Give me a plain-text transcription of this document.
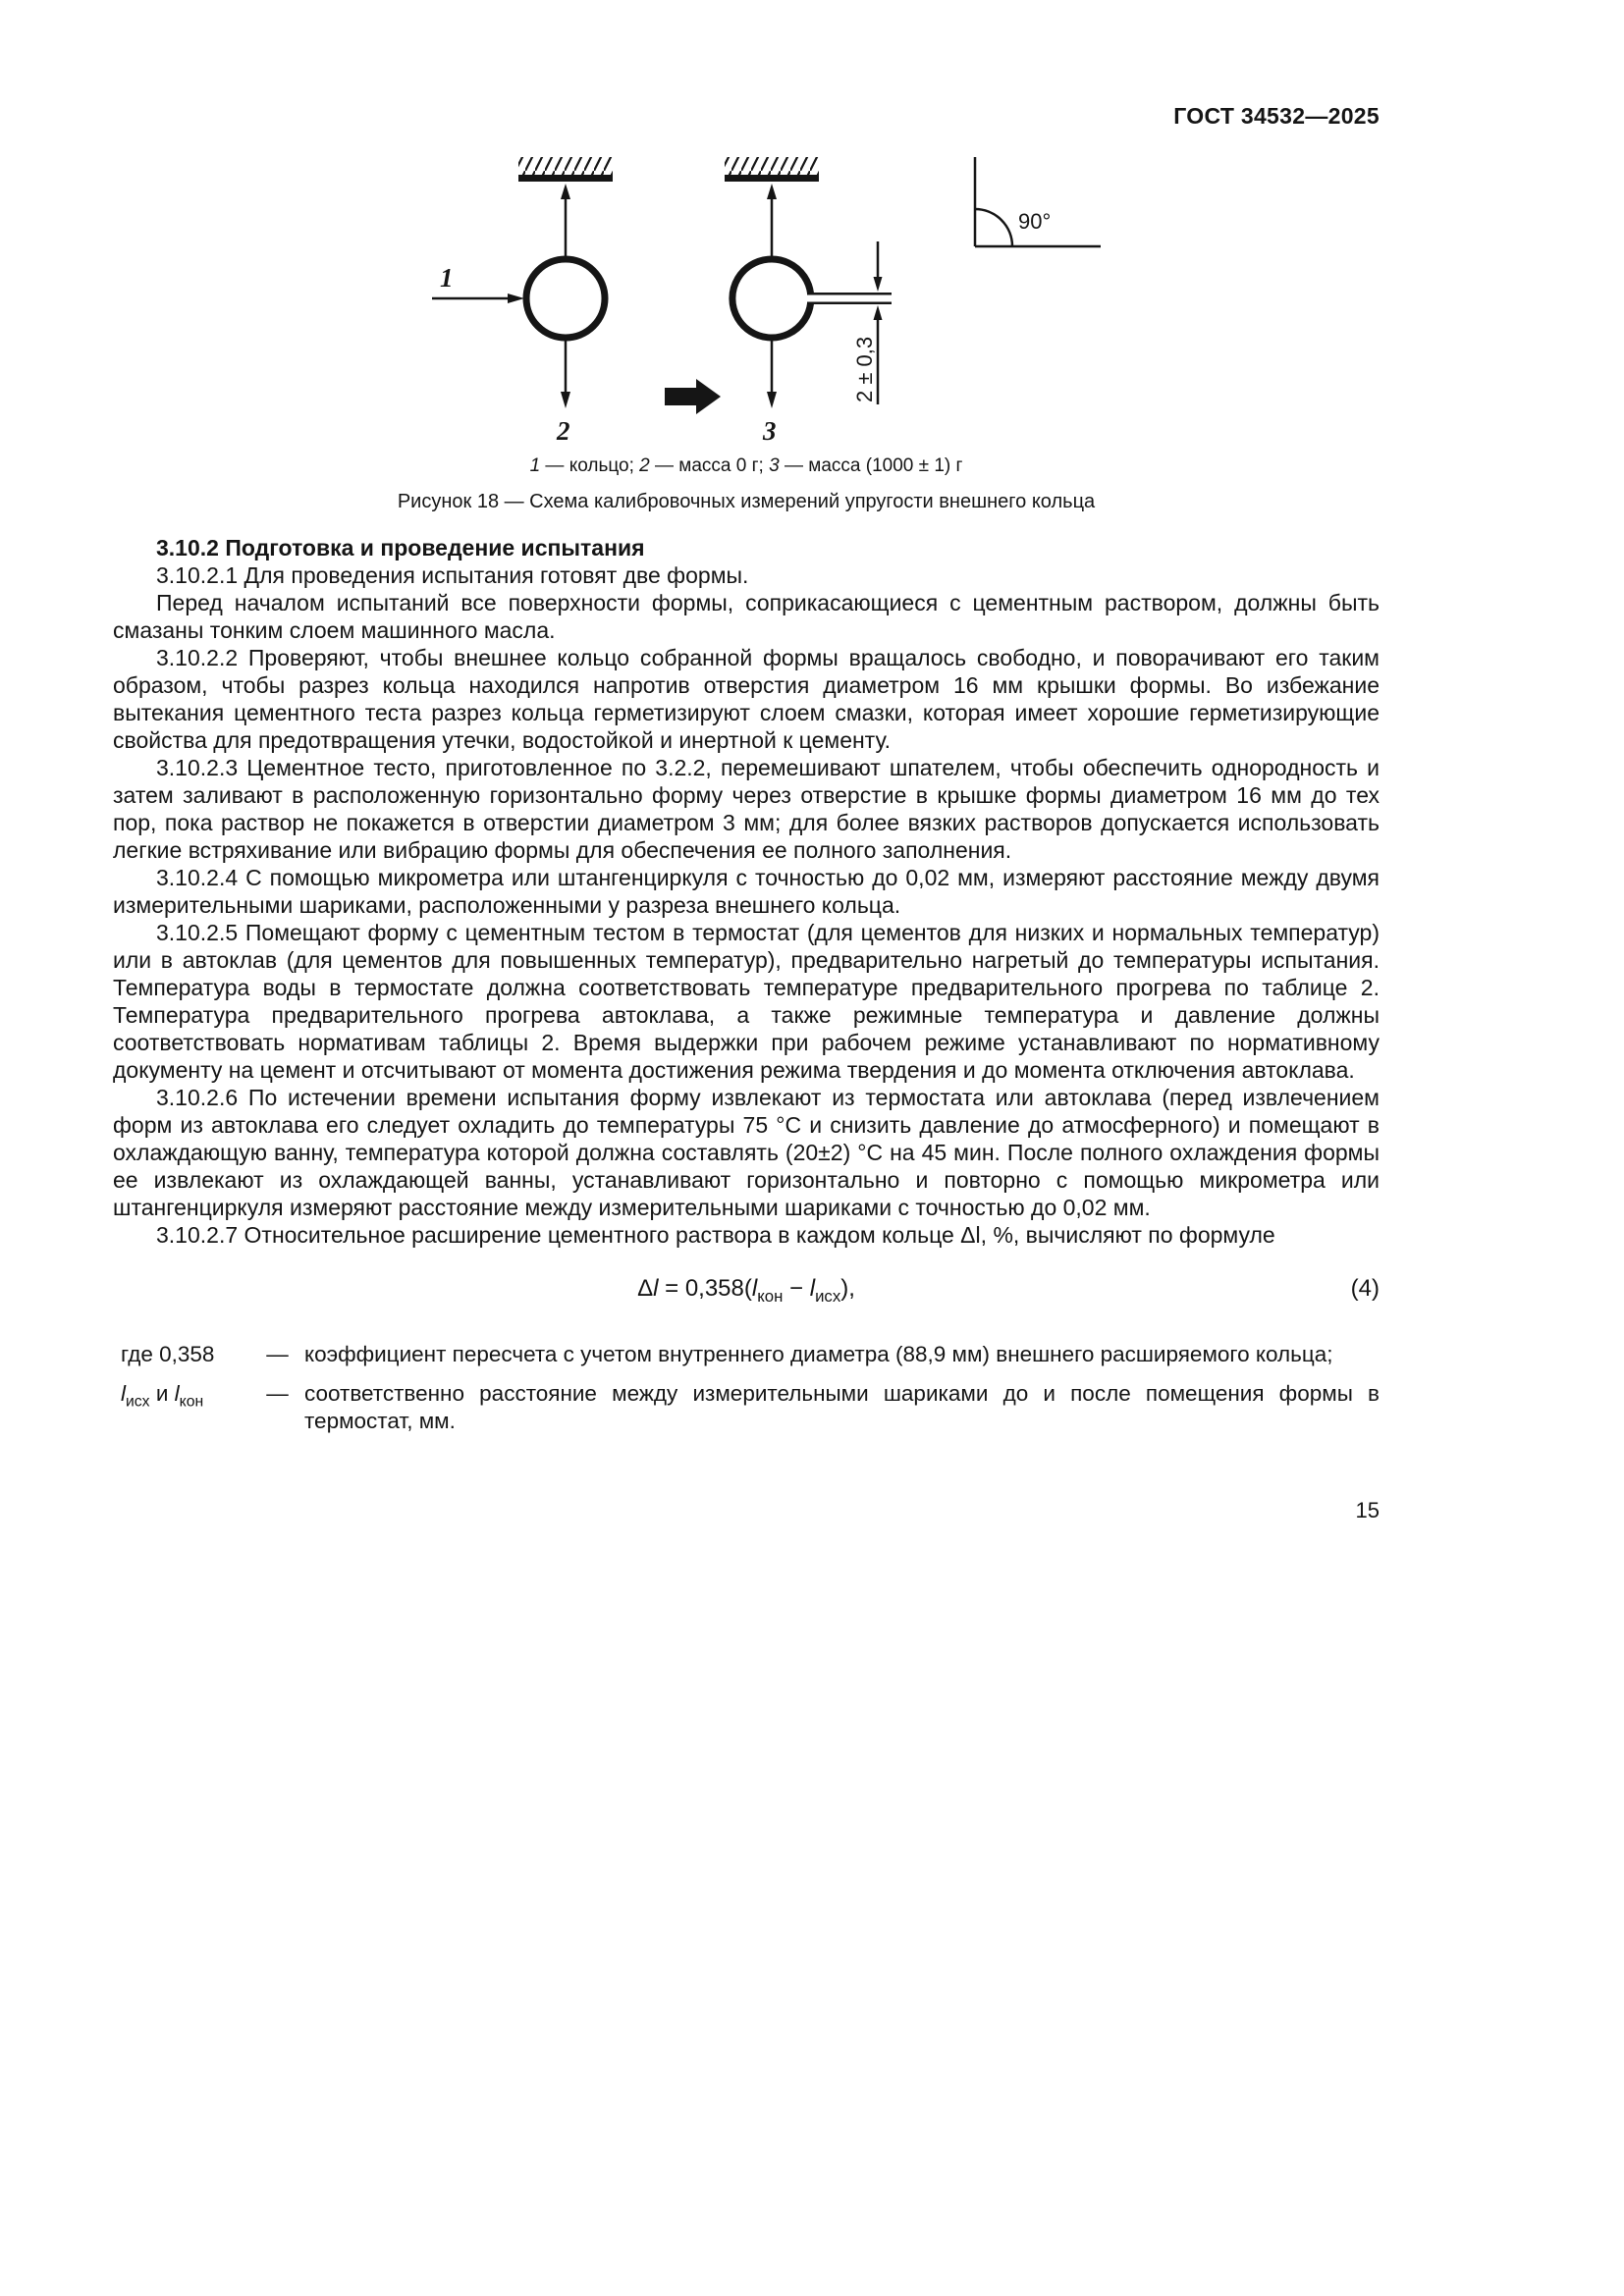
ГОСТ 34532—2025
1
2	3
2 ± 0,3
90°
1 — кольцо; 2 — масса 0 г; 3 — масса (1000 ± 1) г
Рисунок 18 — Схема калибровочных измерений упругости внешнего кольца
3.10.2 Подготовка и проведение испытания

3.10.2.1 Для проведения испытания готовят две формы.

Перед началом испытаний все поверхности формы, соприкасающиеся с цементным раствором, должны быть смазаны тонким слоем машинного масла.

3.10.2.2 Проверяют, чтобы внешнее кольцо собранной формы вращалось свободно, и поворачивают его таким образом, чтобы разрез кольца находился напротив отверстия диаметром 16 мм крышки формы. Во избежание вытекания цементного теста разрез кольца герметизируют слоем смазки, которая имеет хорошие герметизирующие свойства для предотвращения утечки, водостойкой и инертной к цементу.

3.10.2.3 Цементное тесто, приготовленное по 3.2.2, перемешивают шпателем, чтобы обеспечить однородность и затем заливают в расположенную горизонтально форму через отверстие в крышке формы диаметром 16 мм до тех пор, пока раствор не покажется в отверстии диаметром 3 мм; для более вязких растворов допускается использовать легкие встряхивание или вибрацию формы для обеспечения ее полного заполнения.

3.10.2.4 С помощью микрометра или штангенциркуля с точностью до 0,02 мм, измеряют расстояние между двумя измерительными шариками, расположенными у разреза внешнего кольца.

3.10.2.5 Помещают форму с цементным тестом в термостат (для цементов для низких и нормальных температур) или в автоклав (для цементов для повышенных температур), предварительно нагретый до температуры испытания. Температура воды в термостате должна соответствовать температуре предварительного прогрева по таблице 2. Температура предварительного прогрева автоклава, а также режимные температура и давление должны соответствовать нормативам таблицы 2. Время выдержки при рабочем режиме устанавливают по нормативному документу на цемент и отсчитывают от момента достижения режима твердения и до момента отключения автоклава.

3.10.2.6 По истечении времени испытания форму извлекают из термостата или автоклава (перед извлечением форм из автоклава его следует охладить до температуры 75 °С и снизить давление до атмосферного) и помещают в охлаждающую ванну, температура которой должна составлять (20±2) °С на 45 мин. После полного охлаждения формы ее извлекают из охлаждающей ванны, устанавливают горизонтально и повторно с помощью микрометра или штангенциркуля измеряют расстояние между измерительными шариками с точностью до 0,02 мм.

3.10.2.7 Относительное расширение цементного раствора в каждом кольце Δl, %, вычисляют по формуле

$\Delta l = 0,358(l_{кон} - l_{исх})$,	(4)
где 0,358	— коэффициент пересчета с учетом внутреннего диаметра (88,9 мм) внешнего расширяемого кольца;
$l_{исх}$ и $l_{кон}$	— соответственно расстояние между измерительными шариками до и после помещения формы в термостат, мм.
15
